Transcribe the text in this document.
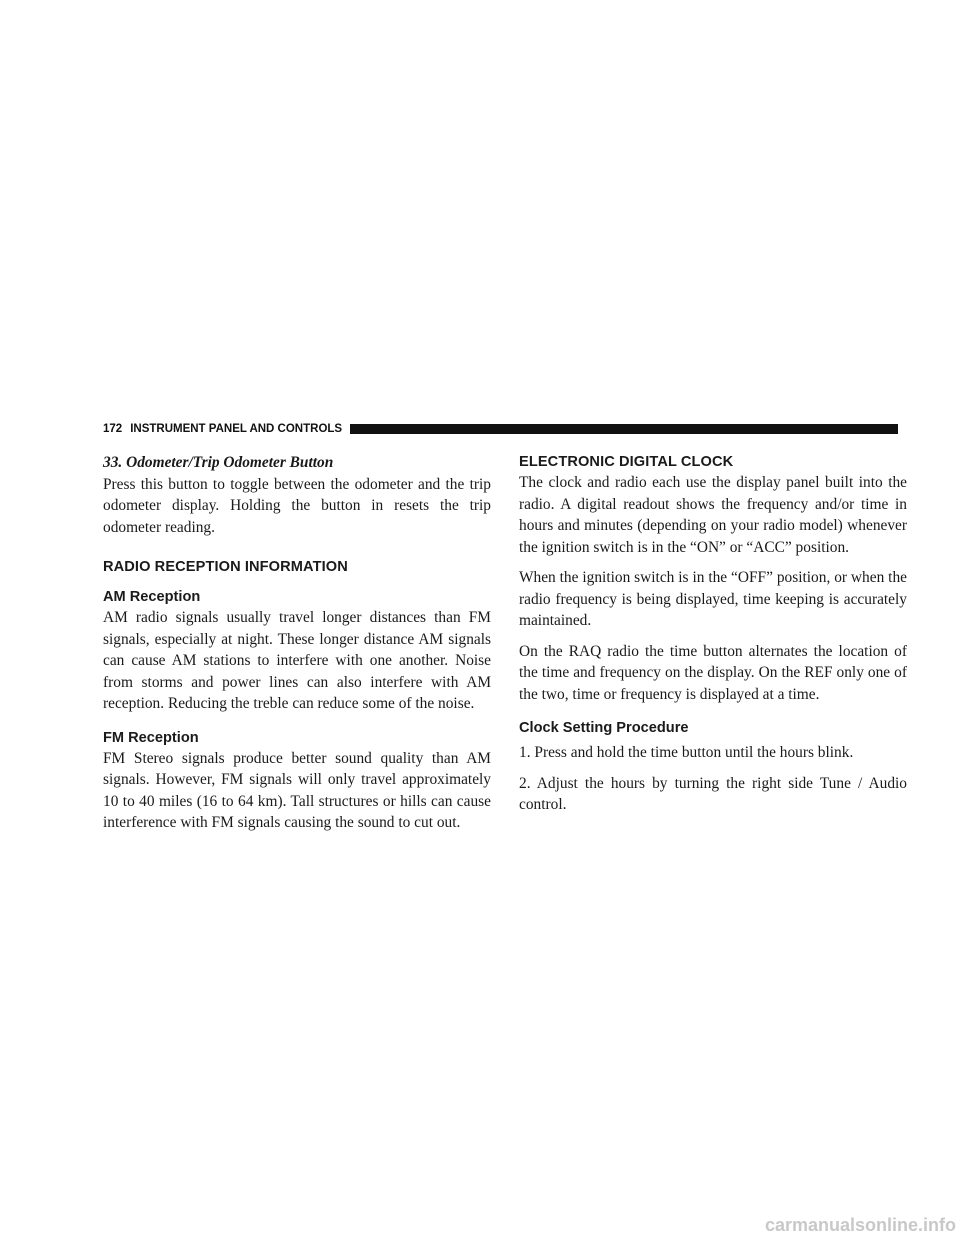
172 INSTRUMENT PANEL AND CONTROLS

33. Odometer/Trip Odometer Button

Press this button to toggle between the odometer and the trip odometer display. Holding the button in resets the trip odometer reading.

RADIO RECEPTION INFORMATION
AM Reception

AM radio signals usually travel longer distances than FM signals, especially at night. These longer distance AM signals can cause AM stations to interfere with one another. Noise from storms and power lines can also interfere with AM reception. Reducing the treble can reduce some of the noise.

FM Reception

FM Stereo signals produce better sound quality than AM signals. However, FM signals will only travel approximately 10 to 40 miles (16 to 64 km). Tall structures or hills can cause interference with FM signals causing the sound to cut out.

ELECTRONIC DIGITAL CLOCK

The clock and radio each use the display panel built into the radio. A digital readout shows the frequency and/or time in hours and minutes (depending on your radio model) whenever the ignition switch is in the “ON” or “ACC” position.

When the ignition switch is in the “OFF” position, or when the radio frequency is being displayed, time keeping is accurately maintained.

On the RAQ radio the time button alternates the location of the time and frequency on the display. On the REF only one of the two, time or frequency is displayed at a time.

Clock Setting Procedure

1. Press and hold the time button until the hours blink.

2. Adjust the hours by turning the right side Tune / Audio control.

carmanualsonline.info
